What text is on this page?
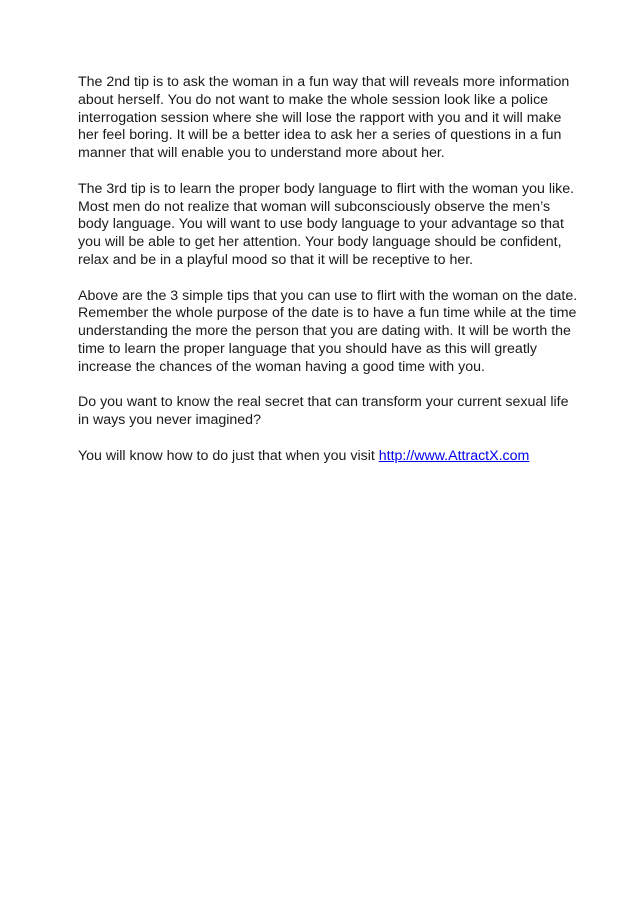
The 2nd tip is to ask the woman in a fun way that will reveals more information about herself. You do not want to make the whole session look like a police interrogation session where she will lose the rapport with you and it will make her feel boring. It will be a better idea to ask her a series of questions in a fun manner that will enable you to understand more about her.

The 3rd tip is to learn the proper body language to flirt with the woman you like. Most men do not realize that woman will subconsciously observe the men’s body language. You will want to use body language to your advantage so that you will be able to get her attention. Your body language should be confident, relax and be in a playful mood so that it will be receptive to her.

Above are the 3 simple tips that you can use to flirt with the woman on the date. Remember the whole purpose of the date is to have a fun time while at the time understanding the more the person that you are dating with. It will be worth the time to learn the proper language that you should have as this will greatly increase the chances of the woman having a good time with you.

Do you want to know the real secret that can transform your current sexual life in ways you never imagined?

You will know how to do just that when you visit http://www.AttractX.com
